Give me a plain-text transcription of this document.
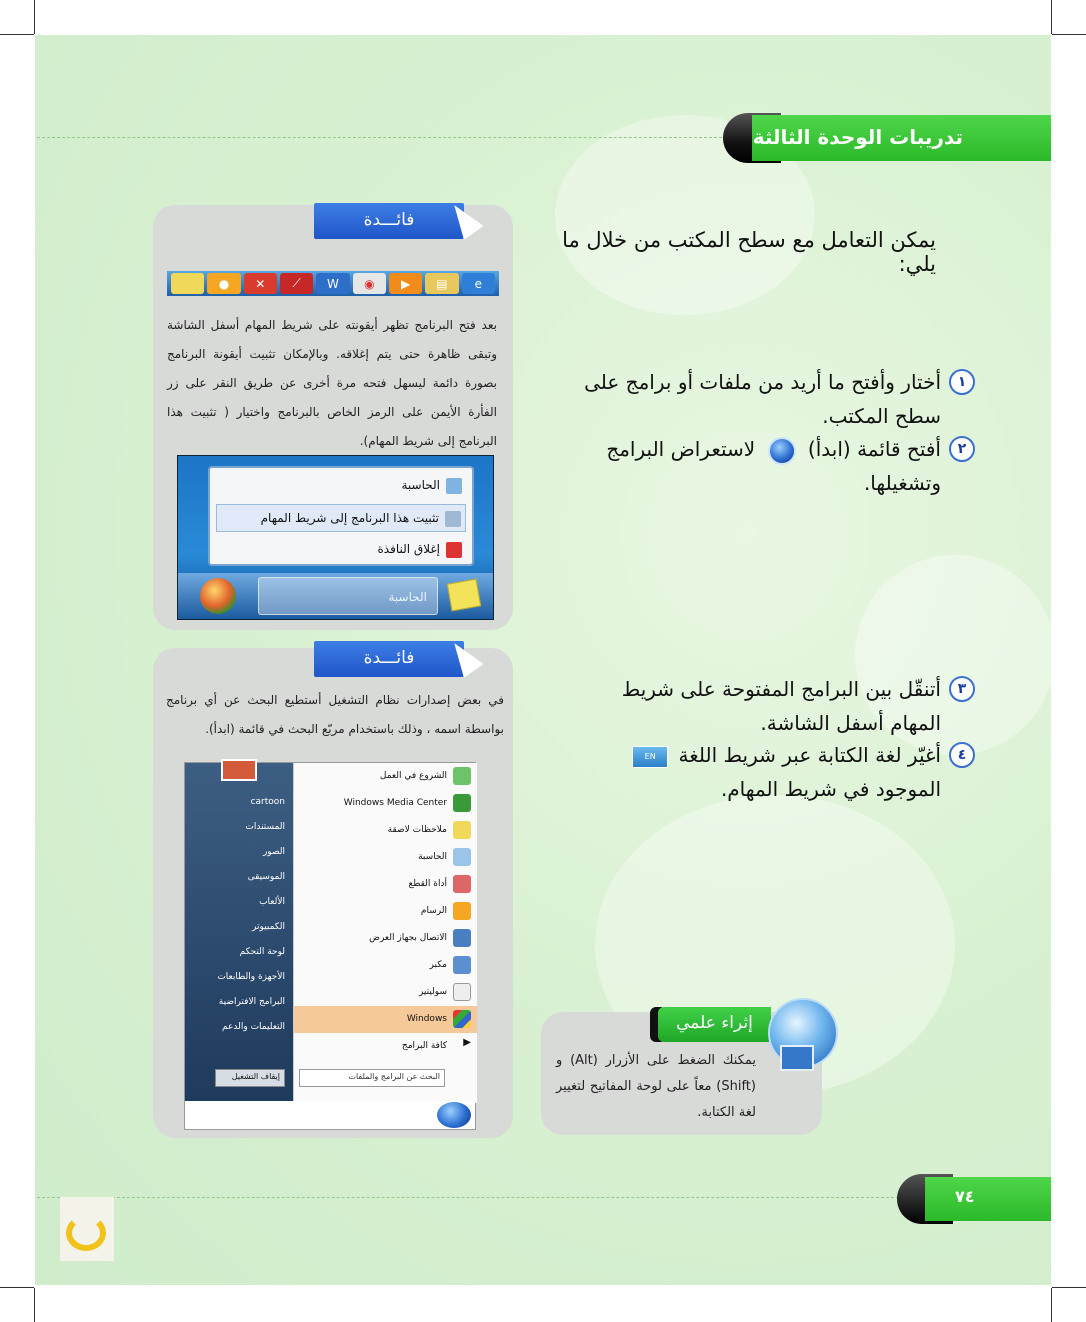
تدريبات الوحدة الثالثة
يمكن التعامل مع سطح المكتب من خلال ما يلي:
١
أختار وأفتح ما أريد من ملفات أو برامج على سطح المكتب.
٢
أفتح قائمة (ابدأ)  لاستعراض البرامج وتشغيلها.
٣
أتنقّل بين البرامج المفتوحة على شريط المهام أسفل الشاشة.
٤
أغيّر لغة الكتابة عبر شريط اللغة EN الموجود في شريط المهام.
فائـــدة
●	✕	⟋	W	◉	▶	▤	e
بعد فتح البرنامج تظهر أيقونته على شريط المهام أسفل الشاشة وتبقى ظاهرة حتى يتم إغلاقه. وبالإمكان تثبيت أيقونة البرنامج بصورة دائمة ليسهل فتحه مرة أخرى عن طريق النقر على زر الفأرة الأيمن على الرمز الخاص بالبرنامج واختيار ( تثبيت هذا البرنامج إلى شريط المهام).
الحاسبة
تثبيت هذا البرنامج إلى شريط المهام
إغلاق النافذة
الحاسبة
فائـــدة
في بعض إصدارات نظام التشغيل أستطيع البحث عن أي برنامج بواسطة اسمه ، وذلك باستخدام مربّع البحث في قائمة (ابدأ).
cartoon
المستندات
الصور
الموسيقى
الألعاب
الكمبيوتر
لوحة التحكم
الأجهزة والطابعات
البرامج الافتراضية
التعليمات والدعم
الشروع في العمل
Windows Media Center
ملاحظات لاصقة
الحاسبة
أداة القطع
الرسام
الاتصال بجهاز العرض
مكبر
سوليتير
Windows
▶
كافة البرامج
البحث عن البرامج والملفات
إيقاف التشغيل
إثراء علمي
يمكنك الضغط على الأزرار (Alt) و (Shift) معاً على لوحة المفاتيح لتغيير لغة الكتابة.
٧٤
